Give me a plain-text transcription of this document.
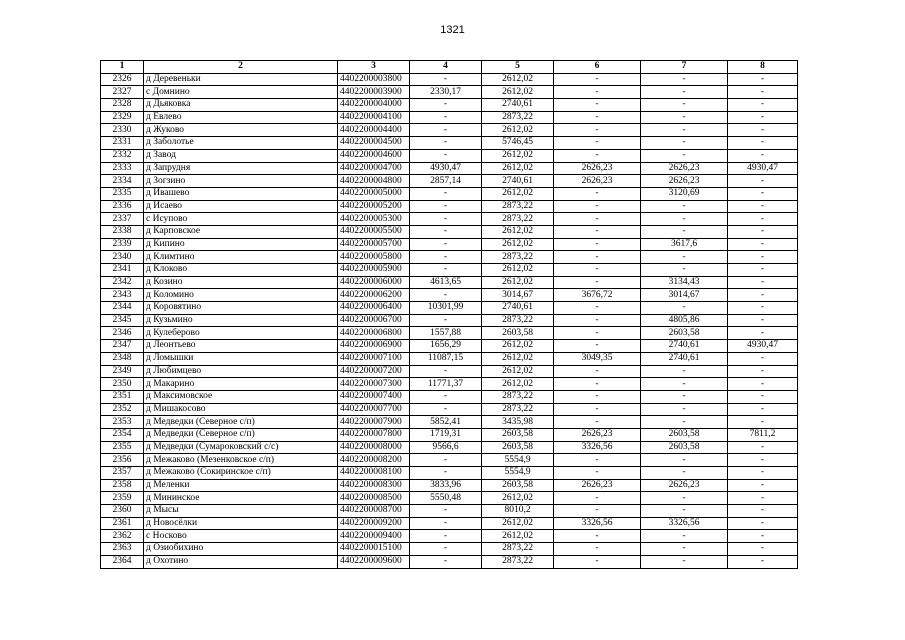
1321
1	2	3	4	5	6	7	8
2326	д Деревеньки	4402200003800	-	2612,02	-	-	-
2327	с Домнино	4402200003900	2330,17	2612,02	-	-	-
2328	д Дьяковка	4402200004000	-	2740,61	-	-	-
2329	д Евлево	4402200004100	-	2873,22	-	-	-
2330	д Жуково	4402200004400	-	2612,02	-	-	-
2331	д Заболотье	4402200004500	-	5746,45	-	-	-
2332	д Завод	4402200004600	-	2612,02	-	-	-
2333	д Запрудня	4402200004700	4930,47	2612,02	2626,23	2626,23	4930,47
2334	д Зогзино	4402200004800	2857,14	2740,61	2626,23	2626,23	-
2335	д Ивашево	4402200005000	-	2612,02	-	3120,69	-
2336	д Исаево	4402200005200	-	2873,22	-	-	-
2337	с Исупово	4402200005300	-	2873,22	-	-	-
2338	д Карповское	4402200005500	-	2612,02	-	-	-
2339	д Кипино	4402200005700	-	2612,02	-	3617,6	-
2340	д Климтино	4402200005800	-	2873,22	-	-	-
2341	д Клоково	4402200005900	-	2612,02	-	-	-
2342	д Козино	4402200006000	4613,65	2612,02	-	3134,43	-
2343	д Коломино	4402200006200	-	3014,67	3676,72	3014,67	-
2344	д Коровятино	4402200006400	10301,99	2740,61	-	-	-
2345	д Кузьмино	4402200006700	-	2873,22	-	4805,86	-
2346	д Кулеберово	4402200006800	1557,88	2603,58	-	2603,58	-
2347	д Леонтьево	4402200006900	1656,29	2612,02	-	2740,61	4930,47
2348	д Ломышки	4402200007100	11087,15	2612,02	3049,35	2740,61	-
2349	д Любимцево	4402200007200	-	2612,02	-	-	-
2350	д Макарино	4402200007300	11771,37	2612,02	-	-	-
2351	д Максимовское	4402200007400	-	2873,22	-	-	-
2352	д Мишакосово	4402200007700	-	2873,22	-	-	-
2353	д Медведки (Северное с/п)	4402200007900	5852,41	3435,98	-	-	-
2354	д Медведки (Северное с/п)	4402200007800	1719,31	2603,58	2626,23	2603,58	7811,2
2355	д Медведки (Сумароковский с/с)	4402200008000	9566,6	2603,58	3326,56	2603,58	-
2356	д Межаково (Мезенковское с/п)	4402200008200	-	5554,9	-	-	-
2357	д Межаково (Сокиринское с/п)	4402200008100	-	5554,9	-	-	-
2358	д Меленки	4402200008300	3833,96	2603,58	2626,23	2626,23	-
2359	д Мининское	4402200008500	5550,48	2612,02	-	-	-
2360	д Мысы	4402200008700	-	8010,2	-	-	-
2361	д Новосёлки	4402200009200	-	2612,02	3326,56	3326,56	-
2362	с Носково	4402200009400	-	2612,02	-	-	-
2363	д Озиобихино	4402200015100	-	2873,22	-	-	-
2364	д Охотино	4402200009600	-	2873,22	-	-	-
